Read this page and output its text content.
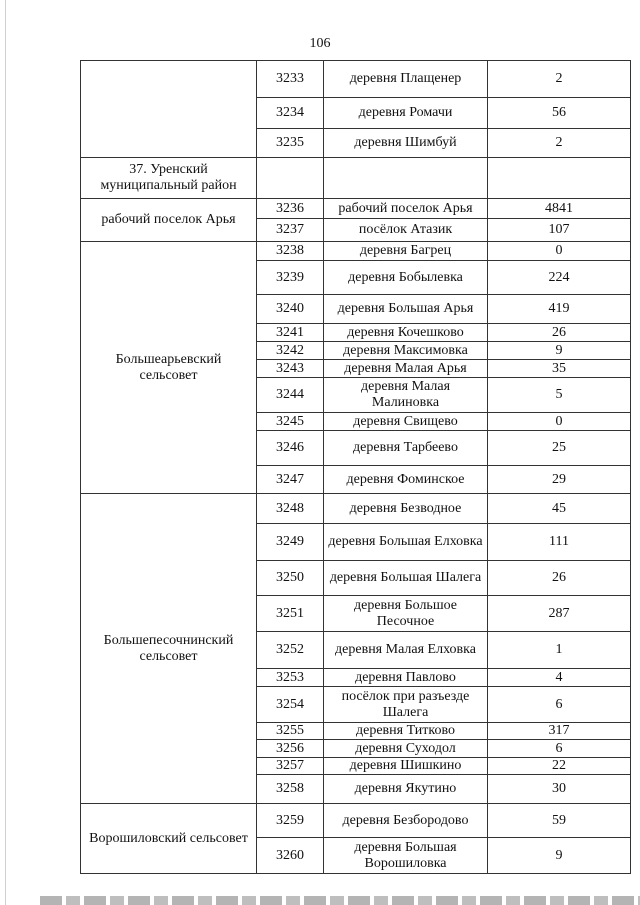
106
	3233	деревня Плащенер	2
	3234	деревня Ромачи	56
	3235	деревня Шимбуй	2
37. Уренский муниципальный район			
рабочий поселок Арья	3236	рабочий поселок Арья	4841
	3237	посёлок Атазик	107
Большеарьевский сельсовет	3238	деревня Багрец	0
	3239	деревня Бобылевка	224
	3240	деревня Большая Арья	419
	3241	деревня Кочешково	26
	3242	деревня Максимовка	9
	3243	деревня Малая Арья	35
	3244	деревня Малая Малиновка	5
	3245	деревня Свищево	0
	3246	деревня Тарбеево	25
	3247	деревня Фоминское	29
Большепесочнинский сельсовет	3248	деревня Безводное	45
	3249	деревня Большая Елховка	111
	3250	деревня Большая Шалега	26
	3251	деревня Большое Песочное	287
	3252	деревня Малая Елховка	1
	3253	деревня Павлово	4
	3254	посёлок при разъезде Шалега	6
	3255	деревня Титково	317
	3256	деревня Суходол	6
	3257	деревня Шишкино	22
	3258	деревня Якутино	30
Ворошиловский сельсовет	3259	деревня Безбородово	59
	3260	деревня Большая Ворошиловка	9
